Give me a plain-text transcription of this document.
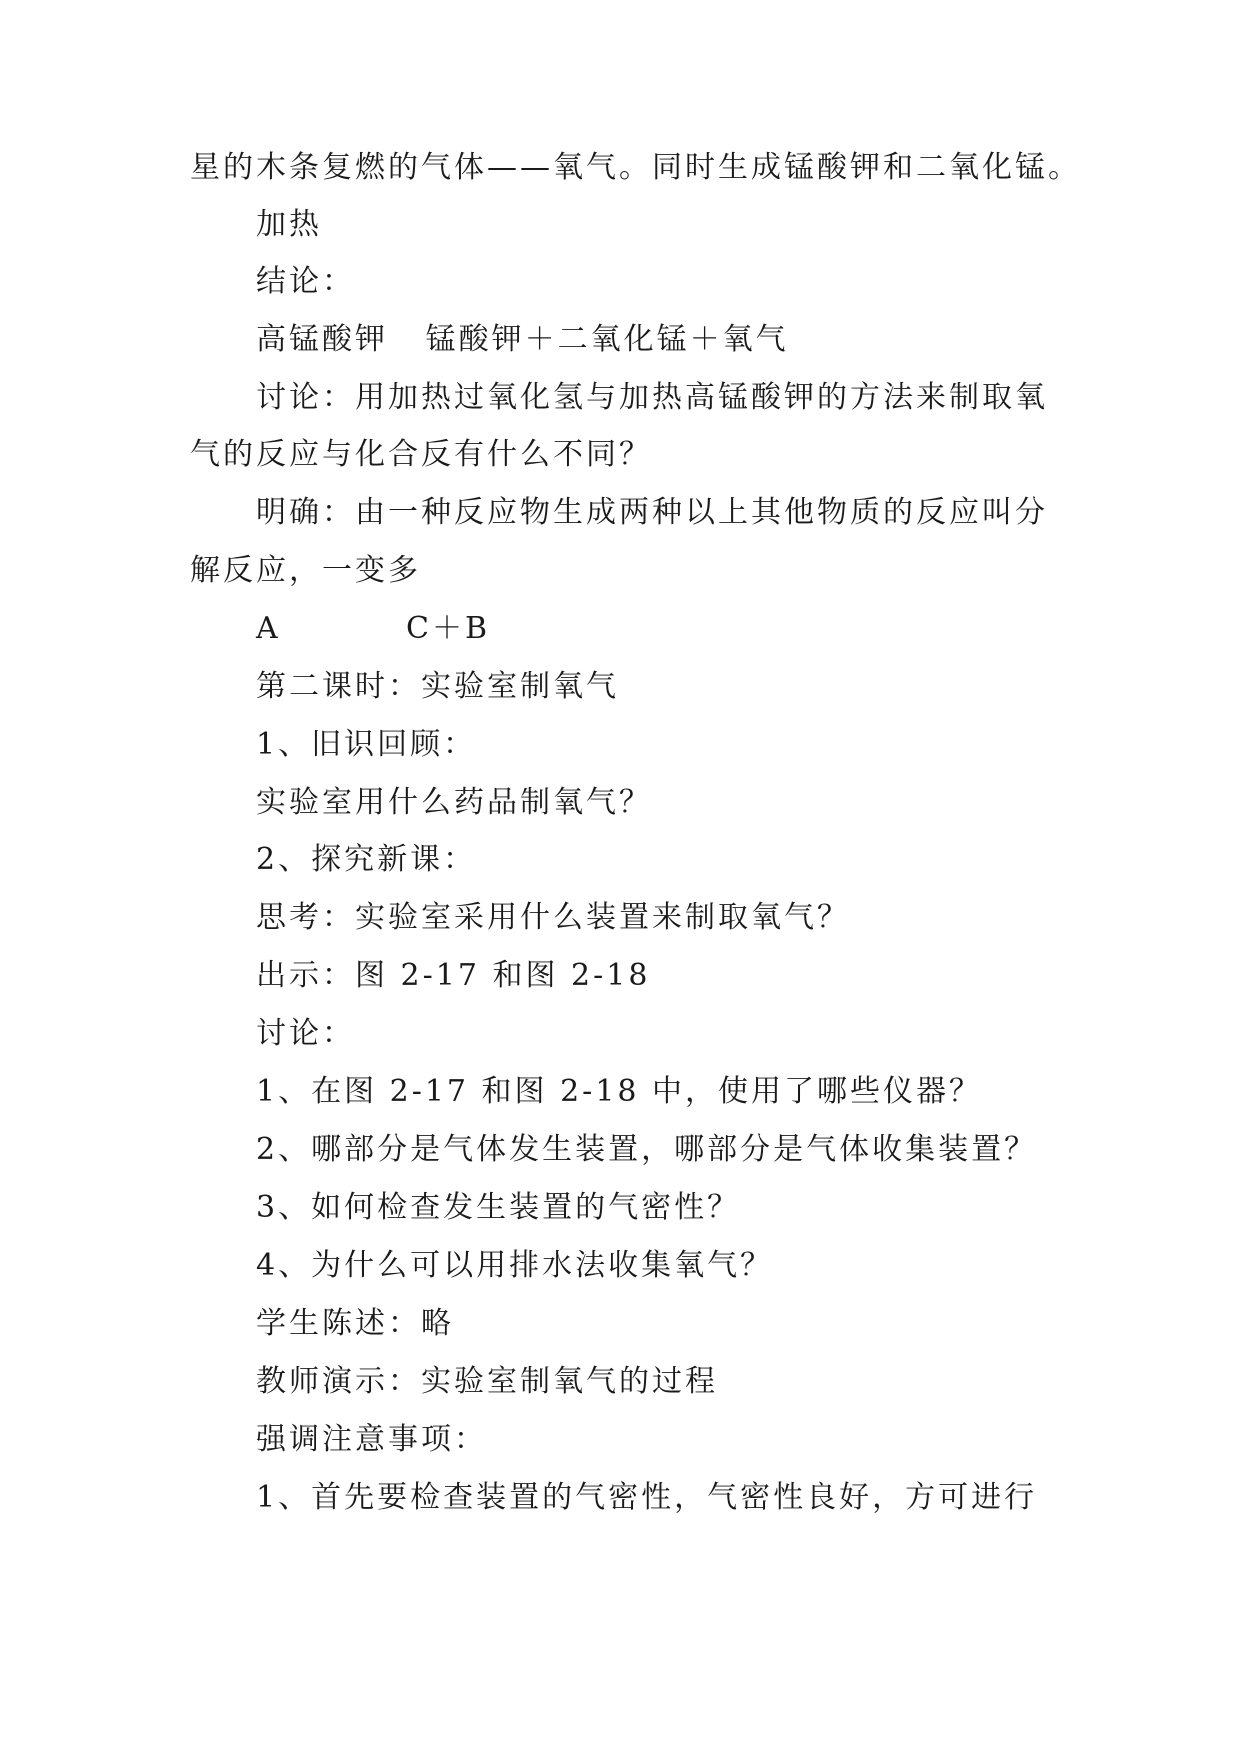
星的木条复燃的气体——氧气。同时生成锰酸钾和二氧化锰。
加热
结论：
高锰酸钾   锰酸钾＋二氧化锰＋氧气
讨论：用加热过氧化氢与加热高锰酸钾的方法来制取氧
气的反应与化合反有什么不同？
明确：由一种反应物生成两种以上其他物质的反应叫分
解反应，一变多
A          C＋B
第二课时：实验室制氧气
1、旧识回顾：
实验室用什么药品制氧气？
2、探究新课：
思考：实验室采用什么装置来制取氧气？
出示：图 2-17 和图 2-18
讨论：
1、在图 2-17 和图 2-18 中，使用了哪些仪器？
2、哪部分是气体发生装置，哪部分是气体收集装置？
3、如何检查发生装置的气密性？
4、为什么可以用排水法收集氧气？
学生陈述：略
教师演示：实验室制氧气的过程
强调注意事项：
1、首先要检查装置的气密性，气密性良好，方可进行
